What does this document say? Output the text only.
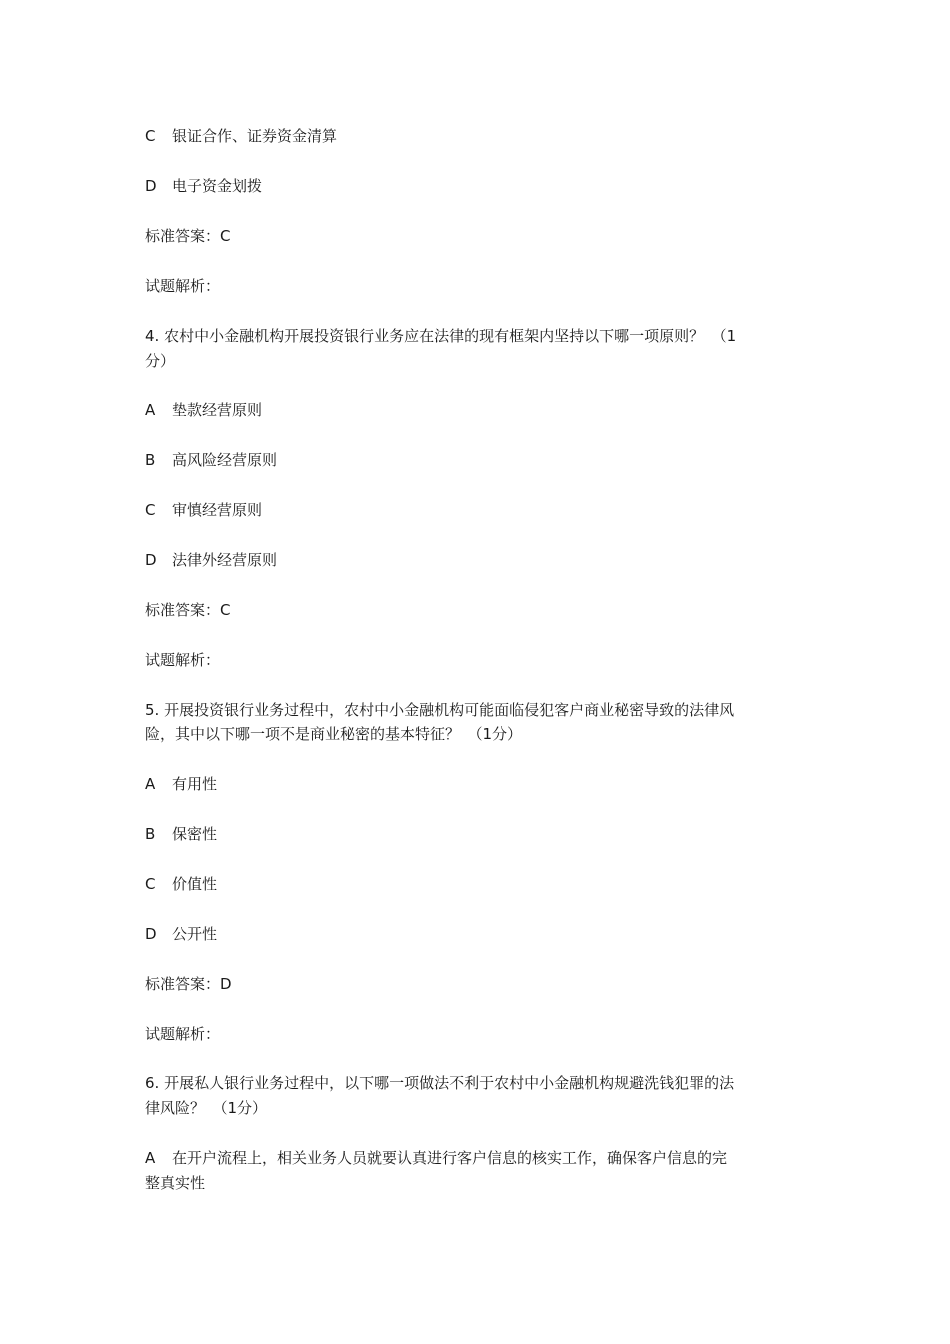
C 银证合作、证券资金清算
D 电子资金划拨
标准答案：C
试题解析：
4. 农村中小金融机构开展投资银行业务应在法律的现有框架内坚持以下哪一项原则？　（1
分）
A 垫款经营原则
B 高风险经营原则
C 审慎经营原则
D 法律外经营原则
标准答案：C
试题解析：
5. 开展投资银行业务过程中，农村中小金融机构可能面临侵犯客户商业秘密导致的法律风
险，其中以下哪一项不是商业秘密的基本特征？　（1分）
A 有用性
B 保密性
C 价值性
D 公开性
标准答案：D
试题解析：
6. 开展私人银行业务过程中，以下哪一项做法不利于农村中小金融机构规避洗钱犯罪的法
律风险？　（1分）
A 在开户流程上，相关业务人员就要认真进行客户信息的核实工作，确保客户信息的完
整真实性
